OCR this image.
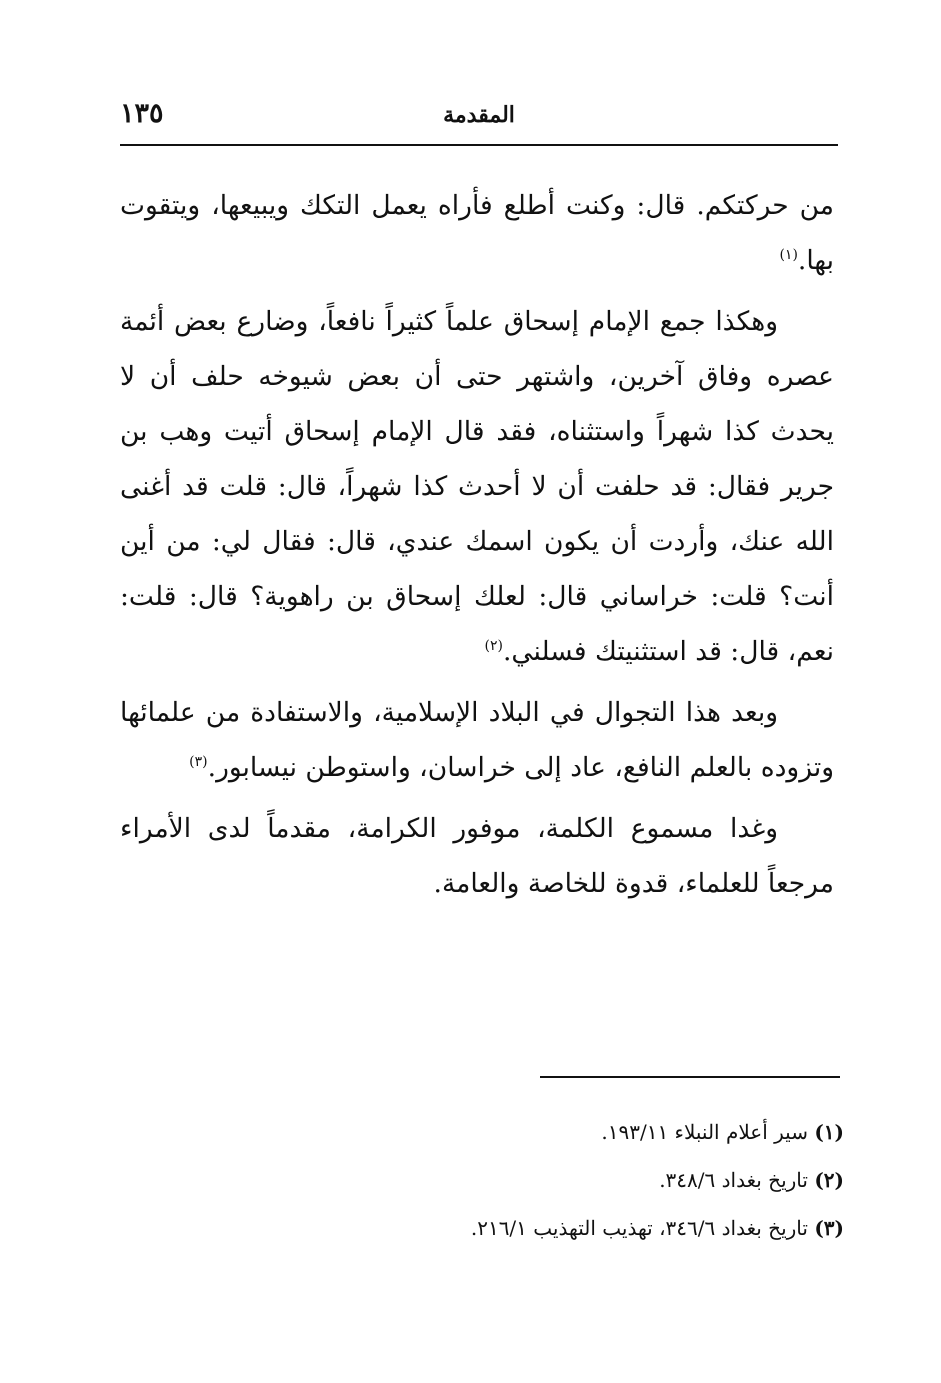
المقدمة
١٣٥

من حركتكم. قال: وكنت أطلع فأراه يعمل التكك ويبيعها، ويتقوت بها.$^{(١)}$

وهكذا جمع الإمام إسحاق علماً كثيراً نافعاً، وضارع بعض أئمة عصره وفاق آخرين، واشتهر حتى أن بعض شيوخه حلف أن لا يحدث كذا شهراً واستثناه، فقد قال الإمام إسحاق أتيت وهب بن جرير فقال: قد حلفت أن لا أحدث كذا شهراً، قال: قلت قد أغنى الله عنك، وأردت أن يكون اسمك عندي، قال: فقال لي: من أين أنت؟ قلت: خراساني قال: لعلك إسحاق بن راهوية؟ قال: قلت: نعم، قال: قد استثنيتك فسلني.$^{(٢)}$

وبعد هذا التجوال في البلاد الإسلامية، والاستفادة من علمائها وتزوده بالعلم النافع، عاد إلى خراسان، واستوطن نيسابور.$^{(٣)}$

وغدا مسموع الكلمة، موفور الكرامة، مقدماً لدى الأمراء مرجعاً للعلماء، قدوة للخاصة والعامة.

(١) سير أعلام النبلاء ١٩٣/١١.

(٢) تاريخ بغداد ٣٤٨/٦.

(٣) تاريخ بغداد ٣٤٦/٦، تهذيب التهذيب ٢١٦/١.
